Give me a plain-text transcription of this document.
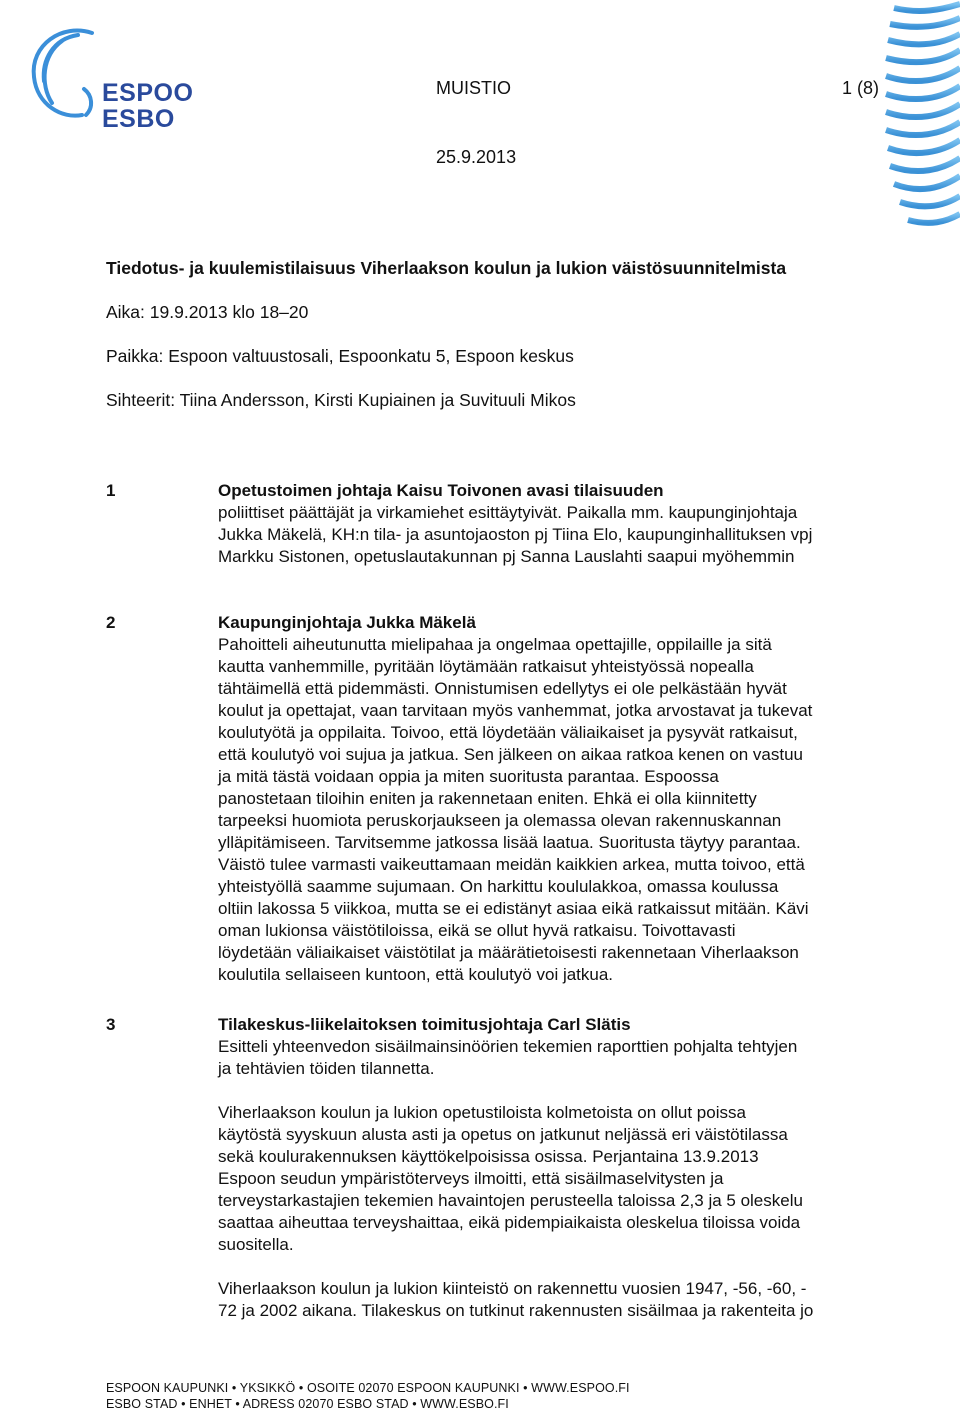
ESPOO
ESBO
MUISTIO	1 (8)
25.9.2013
Tiedotus- ja kuulemistilaisuus Viherlaakson koulun ja lukion väistösuunnitelmista
Aika: 19.9.2013 klo 18–20
Paikka: Espoon valtuustosali, Espoonkatu 5, Espoon keskus
Sihteerit: Tiina Andersson, Kirsti Kupiainen ja Suvituuli Mikos
1	Opetustoimen johtaja Kaisu Toivonen avasi tilaisuuden
poliittiset päättäjät ja virkamiehet esittäytyivät. Paikalla mm. kaupunginjohtaja
Jukka Mäkelä, KH:n tila- ja asuntojaoston pj Tiina Elo, kaupunginhallituksen vpj
Markku Sistonen, opetuslautakunnan pj Sanna Lauslahti saapui myöhemmin
2	Kaupunginjohtaja Jukka Mäkelä
Pahoitteli aiheutunutta mielipahaa ja ongelmaa opettajille, oppilaille ja sitä
kautta vanhemmille, pyritään löytämään ratkaisut yhteistyössä nopealla
tähtäimellä että pidemmästi. Onnistumisen edellytys ei ole pelkästään hyvät
koulut ja opettajat, vaan tarvitaan myös vanhemmat, jotka arvostavat ja tukevat
koulutyötä ja oppilaita. Toivoo, että löydetään väliaikaiset ja pysyvät ratkaisut,
että koulutyö voi sujua ja jatkua. Sen jälkeen on aikaa ratkoa kenen on vastuu
ja mitä tästä voidaan oppia ja miten suoritusta parantaa. Espoossa
panostetaan tiloihin eniten ja rakennetaan eniten. Ehkä ei olla kiinnitetty
tarpeeksi huomiota peruskorjaukseen ja olemassa olevan rakennuskannan
ylläpitämiseen. Tarvitsemme jatkossa lisää laatua. Suoritusta täytyy parantaa.
Väistö tulee varmasti vaikeuttamaan meidän kaikkien arkea, mutta toivoo, että
yhteistyöllä saamme sujumaan. On harkittu koululakkoa, omassa koulussa
oltiin lakossa 5 viikkoa, mutta se ei edistänyt asiaa eikä ratkaissut mitään. Kävi
oman lukionsa väistötiloissa, eikä se ollut hyvä ratkaisu. Toivottavasti
löydetään väliaikaiset väistötilat ja määrätietoisesti rakennetaan Viherlaakson
koulutila sellaiseen kuntoon, että koulutyö voi jatkua.
3	Tilakeskus-liikelaitoksen toimitusjohtaja Carl Slätis
Esitteli yhteenvedon sisäilmainsinöörien tekemien raporttien pohjalta tehtyjen
ja tehtävien töiden tilannetta.
Viherlaakson koulun ja lukion opetustiloista kolmetoista on ollut poissa
käytöstä syyskuun alusta asti ja opetus on jatkunut neljässä eri väistötilassa
sekä koulurakennuksen käyttökelpoisissa osissa. Perjantaina 13.9.2013
Espoon seudun ympäristöterveys ilmoitti, että sisäilmaselvitysten ja
terveystarkastajien tekemien havaintojen perusteella taloissa 2,3 ja 5 oleskelu
saattaa aiheuttaa terveyshaittaa, eikä pidempiaikaista oleskelua tiloissa voida
suositella.
Viherlaakson koulun ja lukion kiinteistö on rakennettu vuosien 1947, -56, -60, -
72 ja 2002 aikana. Tilakeskus on tutkinut rakennusten sisäilmaa ja rakenteita jo
ESPOON KAUPUNKI • YKSIKKÖ • OSOITE 02070 ESPOON KAUPUNKI • WWW.ESPOO.FI
ESBO STAD • ENHET • ADRESS 02070 ESBO STAD • WWW.ESBO.FI
